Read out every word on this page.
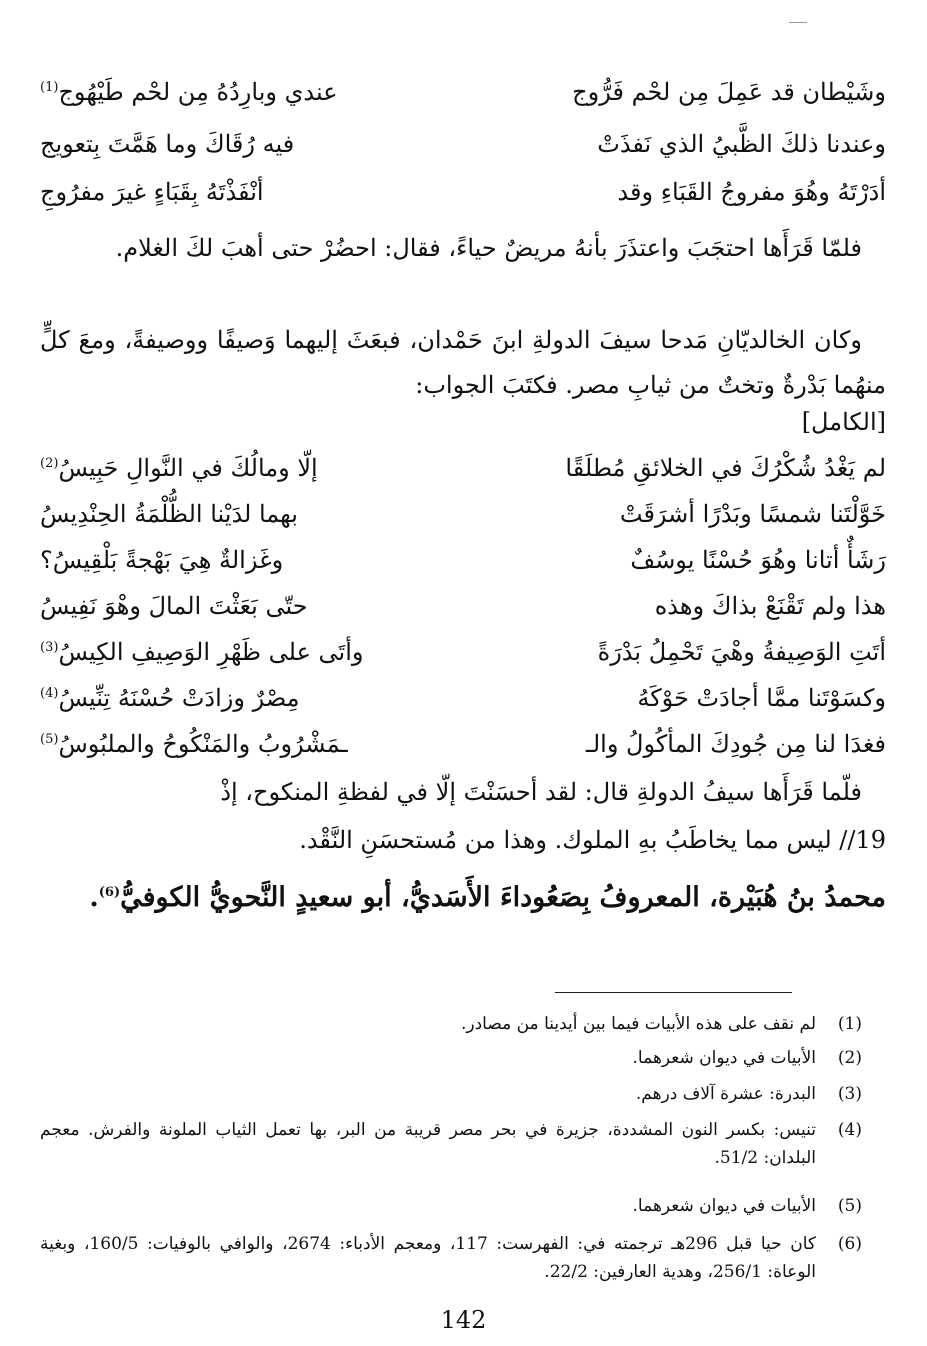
وشَيْطان قد عَمِلَ مِن لحْم فَرُّوج
عندي وبارِدُهُ مِن لحْم طَيْهُوج$^{(1)}$
وعندنا ذلكَ الظَّبيُ الذي نَفذَتْ
فيه رُقَاكَ وما هَمَّتَ بِتعويج
أدَرْتَهُ وهُوَ مفروجُ القَبَاءِ وقد
أنْفَذْتَهُ بِقَبَاءٍ غيرَ مفرُوجِ
فلمّا قَرَأَها احتجَبَ واعتذَرَ بأنهُ مريضٌ حياءً، فقال: احضُرْ حتى أهبَ لكَ الغلام.
وكان الخالديّانِ مَدحا سيفَ الدولةِ ابنَ حَمْدان، فبعَثَ إليهما وَصيفًا ووصيفةً، ومعَ كلٍّ منهُما بَدْرةٌ وتختٌ من ثيابِ مصر. فكتَبَ الجواب:
[الكامل]
لم يَغْدُ شُكْرُكَ في الخلائقِ مُطلَقًا
إلّا ومالُكَ في النَّوالِ حَبِيسُ$^{(2)}$
خَوَّلْتَنا شمسًا وبَدْرًا أشرَقَتْ
بهما لدَيْنا الظُّلْمَةُ الحِنْدِيسُ
رَشَأٌ أتانا وهُوَ حُسْنًا يوسُفٌ
وغَزالةٌ هِيَ بَهْجةً بَلْقِيسُ؟
هذا ولم تَقْنَعْ بذاكَ وهذه
حتّى بَعَثْتَ المالَ وهْوَ نَفِيسُ
أتَتِ الوَصِيفةُ وهْيَ تَحْمِلُ بَدْرَةً
وأتَى على ظَهْرِ الوَصِيفِ الكِيسُ$^{(3)}$
وكسَوْتَنا ممَّا أجادَتْ حَوْكَهُ
مِصْرٌ وزادَتْ حُسْنَهُ تِنِّيسُ$^{(4)}$
فغدَا لنا مِن جُودِكَ المأكُولُ والـ
ـمَشْرُوبُ والمَنْكُوحُ والملبُوسُ$^{(5)}$
فلّما قَرَأَها سيفُ الدولةِ قال: لقد أحسَنْتَ إلّا في لفظةِ المنكوح، إذْ
19// ليس مما يخاطَبُ بهِ الملوك. وهذا من مُستحسَنِ النَّقْد.
محمدُ بنُ هُبَيْرة، المعروفُ بِصَعُوداءَ الأَسَديُّ، أبو سعيدٍ النَّحويُّ الكوفيُّ$^{(6)}$.
(1)
لم نقف على هذه الأبيات فيما بين أيدينا من مصادر.
(2)
الأبيات في ديوان شعرهما.
(3)
البدرة: عشرة آلاف درهم.
(4)
تنيس: بكسر النون المشددة، جزيرة في بحر مصر قريبة من البر، بها تعمل الثياب الملونة والفرش. معجم البلدان: 51/2.
(5)
الأبيات في ديوان شعرهما.
(6)
كان حيا قبل 296هـ ترجمته في: الفهرست: 117، ومعجم الأدباء: 2674، والوافي بالوفيات: 160/5، وبغية الوعاة: 256/1، وهدية العارفين: 22/2.
142
